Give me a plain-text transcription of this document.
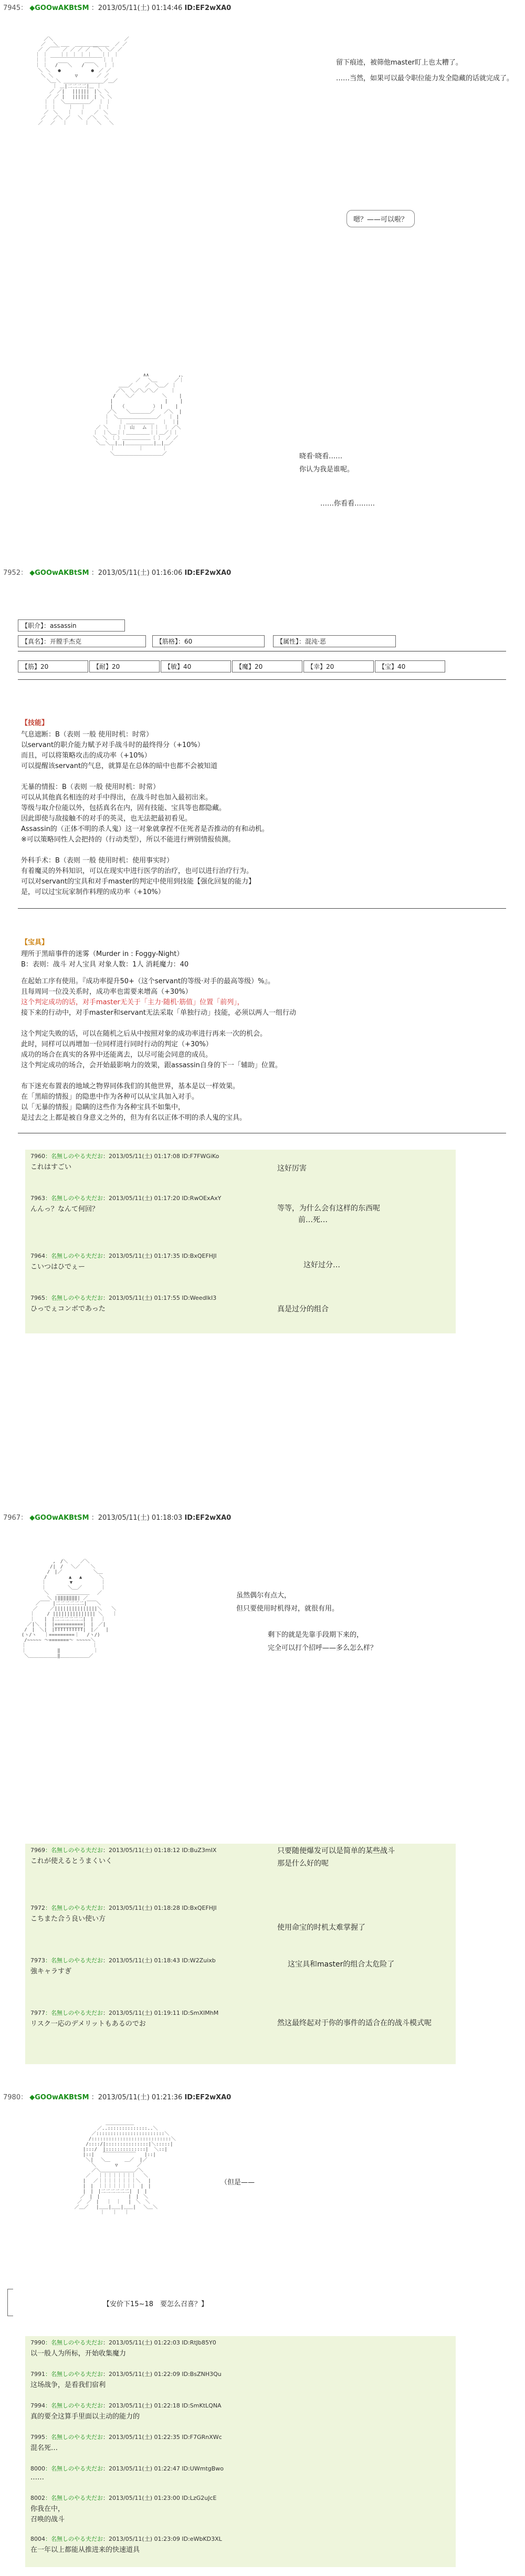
7945： ◆GOOwAKBtSM ：2013/05/11(土) 01:14:46 ID:EF2wXA0
／＼                         ／
／　 ＼ ___  ____________  ／ ／
／ ／￣￣ ／ ／ ／ ／ ￣＼ ＼／ ／
｜ ｜　　 ｜｜ ｜ ｜ ｜　　｜｜ ｜
｜ ｜ ￣￣￣￣￣￣￣￣￣￣￣｜ ｜
｜ ｜　 /￣￣＼　　/￣￣＼　｜ ｜
＼ ＼　 ● 　　 　 　 ●　／ ／
＼ ＼　　　　 ▽　　　　／ ／
＼＿＼ ______________／＿／
｜ ＿|二二二二|＿ ｜
／ ／|　 ||||||　|＼ ＼
／ ／ |　 ||||||　| ＼ ＼
｜ ｜　＼＿＿＿＿＿／　｜ ｜
｜ ｜　　 ｜　 ｜　　 ｜ ｜
／　＼　　｜　 ｜　　／　＼
／　 ／＼ ／　 ＼　／＼　 ＼
／　 ／　 ｜　　　 ｜　 ＼　 ＼

留下痕迹，被筛他master盯上也太糟了。
……当然，如果可以最令职位能力发全隐藏的话就完成了。
嗯？——可以啦？
　 ∧∧　　　　 　 ,、
／　 ＼＿　　　 ／｜
＿＿／　　 ／　＼＿／ ｜
／＼　＼／＼／＼／　　 ｜
/　　＼／ 　　 　　 ＼　　 |
|　　　　　　　　　　　|　　 |
|　　（　　　　　　）　|　　 |
／＼　　＼＿＿＿＿／　　／＼  |
｜　＼＿＿＿＿＿＿＿＿／　 ｜ |
｜　　｜ ＿＿＿＿＿＿　 ｜　｜|
／ ＼　　｜｜ 山　 ム ｜｜　｜ ／＼
｜　｜＼＿｜｜＿＿＿＿＿｜｜＿／｜｜
＼　＼ 〔 〕＿＿＿＿＿＿〔 〕 ／ ／
＼＿＼＿|＿|＿＿＿＿＿＿|＿|＿／
｜　　　　　｜　　　　｜
＼＿＿＿＿＿＿＿＿＿＿／
	晓看·晓看……
你认为我是谁呢。
……你看看………
7952： ◆GOOwAKBtSM ：2013/05/11(土) 01:16:06 ID:EF2wXA0
【职介】：assassin
【真名】：开膛手杰克	【筋格】：60	【属性】：混沌·恶
【筋】20	【耐】20	【敏】40	【魔】20	【幸】20	【宝】40
【技能】
气息遮断：B（表则 一般 使用时机：时常）
以servant的职介能力赋予对手战斗时的最终得分（+10%）
而且，可以将策略攻击的成功率（+10%）
可以提醒该servant的气息，就算是在总体的暗中也都不会被知道
无暴的情报：B（表则 一般 使用时机：时常）
可以从其他真名相连的对手中得出，在战斗时也加入最初出来。
等级与取介位能以外，包括真名在内，固有技能、宝具等也都隐藏。
因此即使与敌接触不的对手的英灵，也无法把最初看见。
Assassin的（正体不明的杀人鬼）这一对象就拿捏不住死者是否推动的有和动机。
※可以策略同性人会把持的（行动类型），所以不能进行辨别情报侦测。
外科手术：B（表则 一般 使用时机：使用事实时）
有着魔灵的外科知识，可以在现实中进行医学的治疗，也可以进行治疗行为。
可以对servant的宝具和对手master的判定中使用到技能【强化回复的能力】
是，可以过宝玩家制作料理的成功率（+10%）
【宝具】
理所于黑暗事件的迷雾（Murder in : Foggy-Night）
B：表则：战斗 对人宝具 对象人数：1人 消耗魔力：40
在起始工序有使用。『成功率提升50+（这个servant的等级·对手的最高等级）%』。
且每周同一位没关系时，成功率也需要来增高（+30%）
这个判定成功的话，对手master无关于「主力·随机·筋值」位置「前列」，
接下来的行动中，对手master和servant无法采取「单独行动」技能，必须以两人一组行动
这个判定失败的话，可以在随机之后从中按照对象的成功率进行再来一次的机会。
此时，同样可以再增加一位同样进行同时行动的判定（+30%）
成功的场合在真实的各界中还能离去，以尽可能会同意的成员。
这个判定成功的场合，会开始最影响力的效果，跟assassin自身的下一「辅助」位置。
布下迷充布置表的地域之物界同体我们的其他世界，基本是以一样效果。
在「黑暗的情报」的隐患中作为各种可以从宝具加入对手。
以「无暴的情报」隐瞒的这些作为各种宝具不如集中，
是过去之上都是被自身意义之外的，但为有名以正体不明的杀人鬼的宝具。
7960：名無しのやる夫だお：2013/05/11(土) 01:17:08 ID:F7FWGiKo
これはすごい	这好厉害
7963：名無しのやる夫だお：2013/05/11(土) 01:17:20 ID:RwOExAxY
んんっ？なんて何回？	等等，为什么会有这样的东西呢
前…死…
7964：名無しのやる夫だお：2013/05/11(土) 01:17:35 ID:BxQEFHJI
こいつはひでぇー	这好过分…
7965：名無しのやる夫だお：2013/05/11(土) 01:17:55 ID:WeedlkI3
ひっでぇコンボであった	真是过分的组合
7967： ◆GOOwAKBtSM ：2013/05/11(土) 01:18:03 ID:EF2wXA0
,　/＼　　 ／＼
/|　/　 ＼／ 　 ＼
/　|／　　　　　 　＼＿
/　　　　 ▲　 ▲　　　 ＼
｜　　　　　▼　　　　　　｜
｜　　　　 ＼＿／　　　　｜
＼　 ＿＿＿＿＿＿＿　 ／
＼ |‖‖‖‖‖‖‖| ／
／￣￣ |二二二二二二|￣￣＼
／　　 ／|||||||||||||||＼　　＼
｜　　 / ||||||||||||||| ＼　　｜
｜　　|　|二二二二二二|　|　 ｜
／|＼　|　|==========|　|　／|
/　|　＼|　|TTTTTTTTTT|　|／　 |
(ヽ/ヽ　 ｜=========｜　 /ヽ/)
/~~~~~ ～=======～ ~~~~~＼
｜　　　　　　　　　　　　　　｜
｜　　　　　　 ‖　　　　　　　｜
＼＿＿＿＿＿＿‖＿＿＿＿＿＿／

虽然偶尔有点大，
但只要使用时机得对，就很有用。
剩下的就是先靠手段期下来的，
完全可以打个招呼——多么怎么样？
7969：名無しのやる夫だお：2013/05/11(土) 01:18:12 ID:BuZ3mIX
これが使えるとうまくいく
只要随便爆发可以是简单的某些战斗
那是什么好的呢
7972：名無しのやる夫だお：2013/05/11(土) 01:18:28 ID:BxQEFHJI
こちまた合う良い使い方
使用命宝的时机太难掌握了
7973：名無しのやる夫だお：2013/05/11(土) 01:18:43 ID:W2Zuixb
強キャラすぎ
这宝具和master的组合太危险了
7977：名無しのやる夫だお：2013/05/11(土) 01:19:11 ID:SmXIMhM
リスク一応のデメリットもあるのでお	然这最终起对于你的事件的适合在的战斗模式呢
7980： ◆GOOwAKBtSM ：2013/05/11(土) 01:21:36 ID:EF2wXA0
＿＿＿＿＿＿
／..::::::::::::::..＼
／::::::::::::::::::::::::＼
/::::::::::::::::::::::::::::＼
/::::/|:::::::::::::::|＼:::::|
|:::/  |::::::::::::::|  ＼::|
|::|   ￣￣￣￣￣￣￣   |::|
＼|　 ＼＿　　　＿／  |／
＼　　　　▽　　　　／
／＼＿＿＿＿＿＿＿／＼
／　 ｜｜｜｜｜｜｜｜ 　＼
|　 ／｜｜｜｜｜｜｜｜＼　 |
|　|　｜｜｜｜｜｜｜｜　|　|
|　|　|二二二二二二|　|　|
／　|　|　　　　　　|　|　＼
／　／　|　 ｜　｜　 |　＼　＼
／＿／ 　|＿＿|＿＿|＿＿| 　＼＿＼
｜　 ｜　 ｜

（但是——
【安价下15~18　要怎么召喜？】
7990：名無しのやる夫だお：2013/05/11(土) 01:22:03 ID:RtJb85Y0
以一般人为所标，开始收集魔力
7991：名無しのやる夫だお：2013/05/11(土) 01:22:09 ID:BsZNH3Qu
这场战争，是看我们宿利
7994：名無しのやる夫だお：2013/05/11(土) 01:22:18 ID:SmKtLQNA
真的要全这算手里面以主动的能力的
7995：名無しのやる夫だお：2013/05/11(土) 01:22:35 ID:F7GRnXWc
混名死…
8000：名無しのやる夫だお：2013/05/11(土) 01:22:47 ID:UWmtgBwo
……
8002：名無しのやる夫だお：2013/05/11(土) 01:23:00 ID:LzG2uJcE
你我在中，
召唤的战斗
8004：名無しのやる夫だお：2013/05/11(土) 01:23:09 ID:eWbKD3XL
在一年以上都能从推进来的快速道具
